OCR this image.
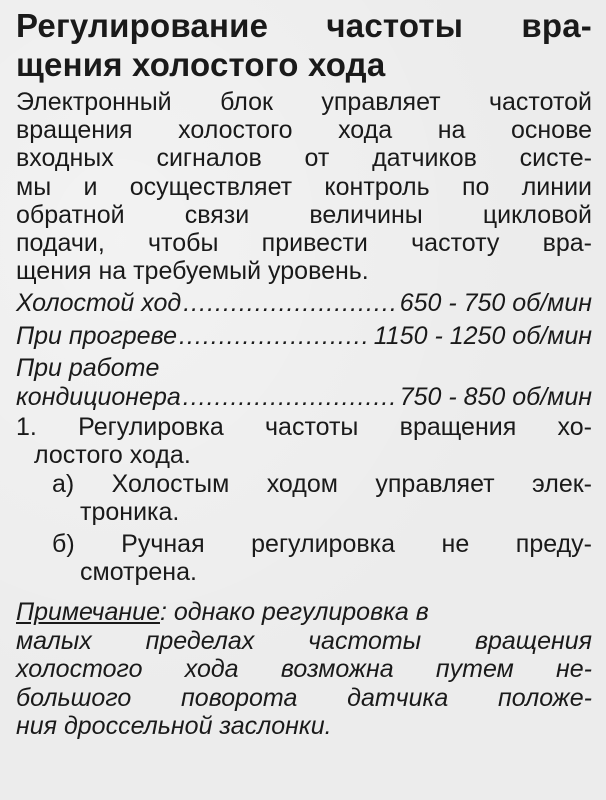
Регулирование частоты вра-
щения холостого хода
Электронный блок управляет частотой
вращения холостого хода на основе
входных сигналов от датчиков систе-
мы и осуществляет контроль по линии
обратной связи величины цикловой
подачи, чтобы привести частоту вра-
щения на требуемый уровень.
Холостой ход .....	650 - 750 об/мин
При прогреве .....	1150 - 1250 об/мин
При работе
кондиционера .....	750 - 850 об/мин
1. Регулировка частоты вращения хо-
лостого хода.
а) Холостым ходом управляет элек-
троника.
б) Ручная регулировка не преду-
смотрена.
Примечание: однако регулировка в
малых пределах частоты вращения
холостого хода возможна путем не-
большого поворота датчика положе-
ния дроссельной заслонки.
